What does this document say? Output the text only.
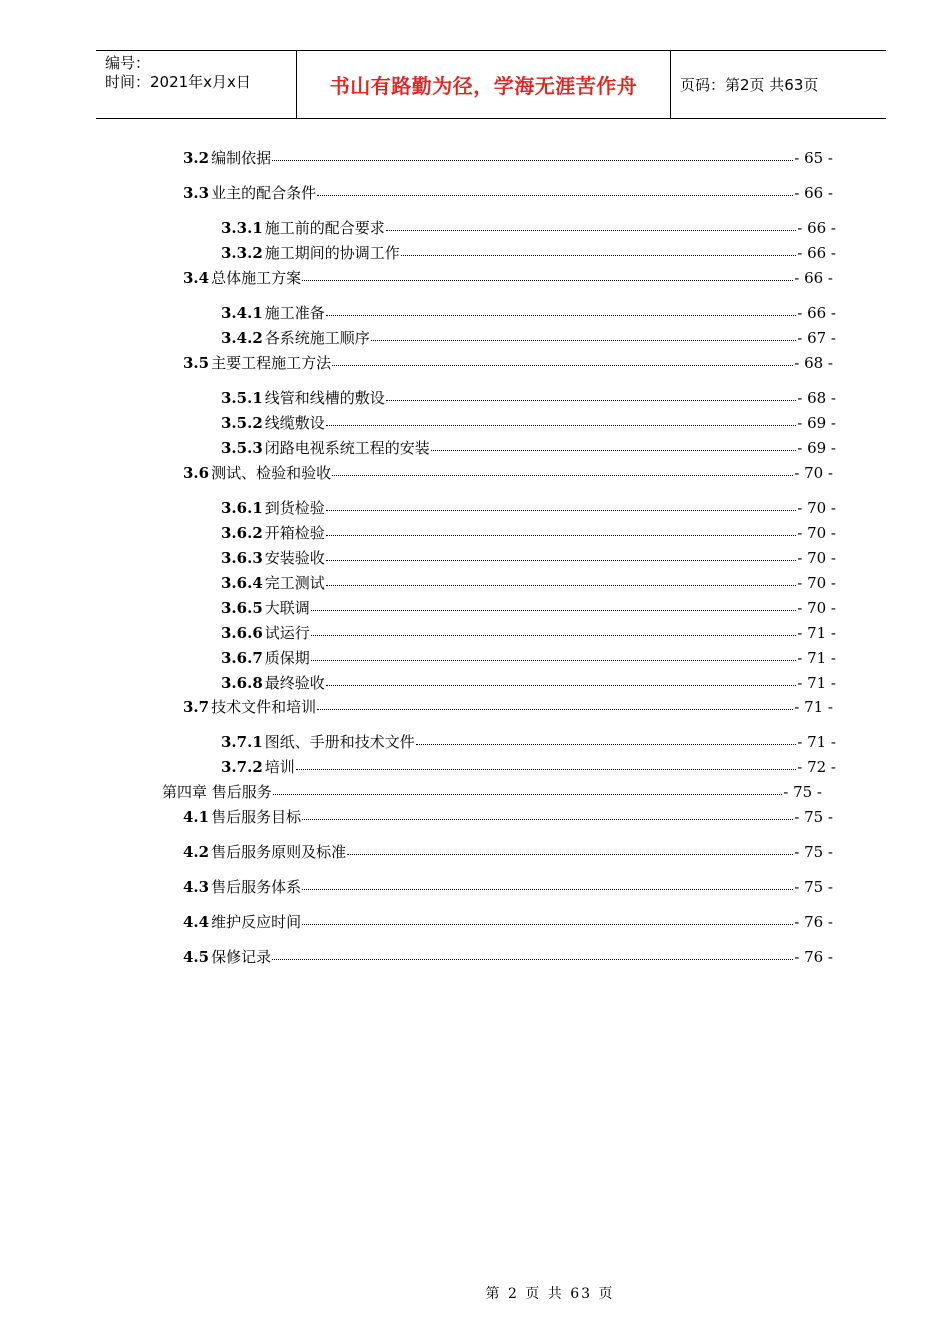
编号：
时间：2021年x月x日	书山有路勤为径，学海无涯苦作舟	页码：第2页 共63页
3.2 编制依据	- 65 -
3.3 业主的配合条件	- 66 -
3.3.1 施工前的配合要求	- 66 -
3.3.2 施工期间的协调工作	- 66 -
3.4 总体施工方案	- 66 -
3.4.1 施工准备	- 66 -
3.4.2 各系统施工顺序	- 67 -
3.5 主要工程施工方法	- 68 -
3.5.1 线管和线槽的敷设	- 68 -
3.5.2 线缆敷设	- 69 -
3.5.3 闭路电视系统工程的安装	- 69 -
3.6 测试、检验和验收	- 70 -
3.6.1 到货检验	- 70 -
3.6.2 开箱检验	- 70 -
3.6.3 安装验收	- 70 -
3.6.4 完工测试	- 70 -
3.6.5 大联调	- 70 -
3.6.6 试运行	- 71 -
3.6.7 质保期	- 71 -
3.6.8 最终验收	- 71 -
3.7 技术文件和培训	- 71 -
3.7.1 图纸、手册和技术文件	- 71 -
3.7.2 培训	- 72 -
第四章 售后服务	- 75 -
4.1 售后服务目标	- 75 -
4.2 售后服务原则及标准	- 75 -
4.3 售后服务体系	- 75 -
4.4 维护反应时间	- 76 -
4.5 保修记录	- 76 -
第 2 页 共 63 页
